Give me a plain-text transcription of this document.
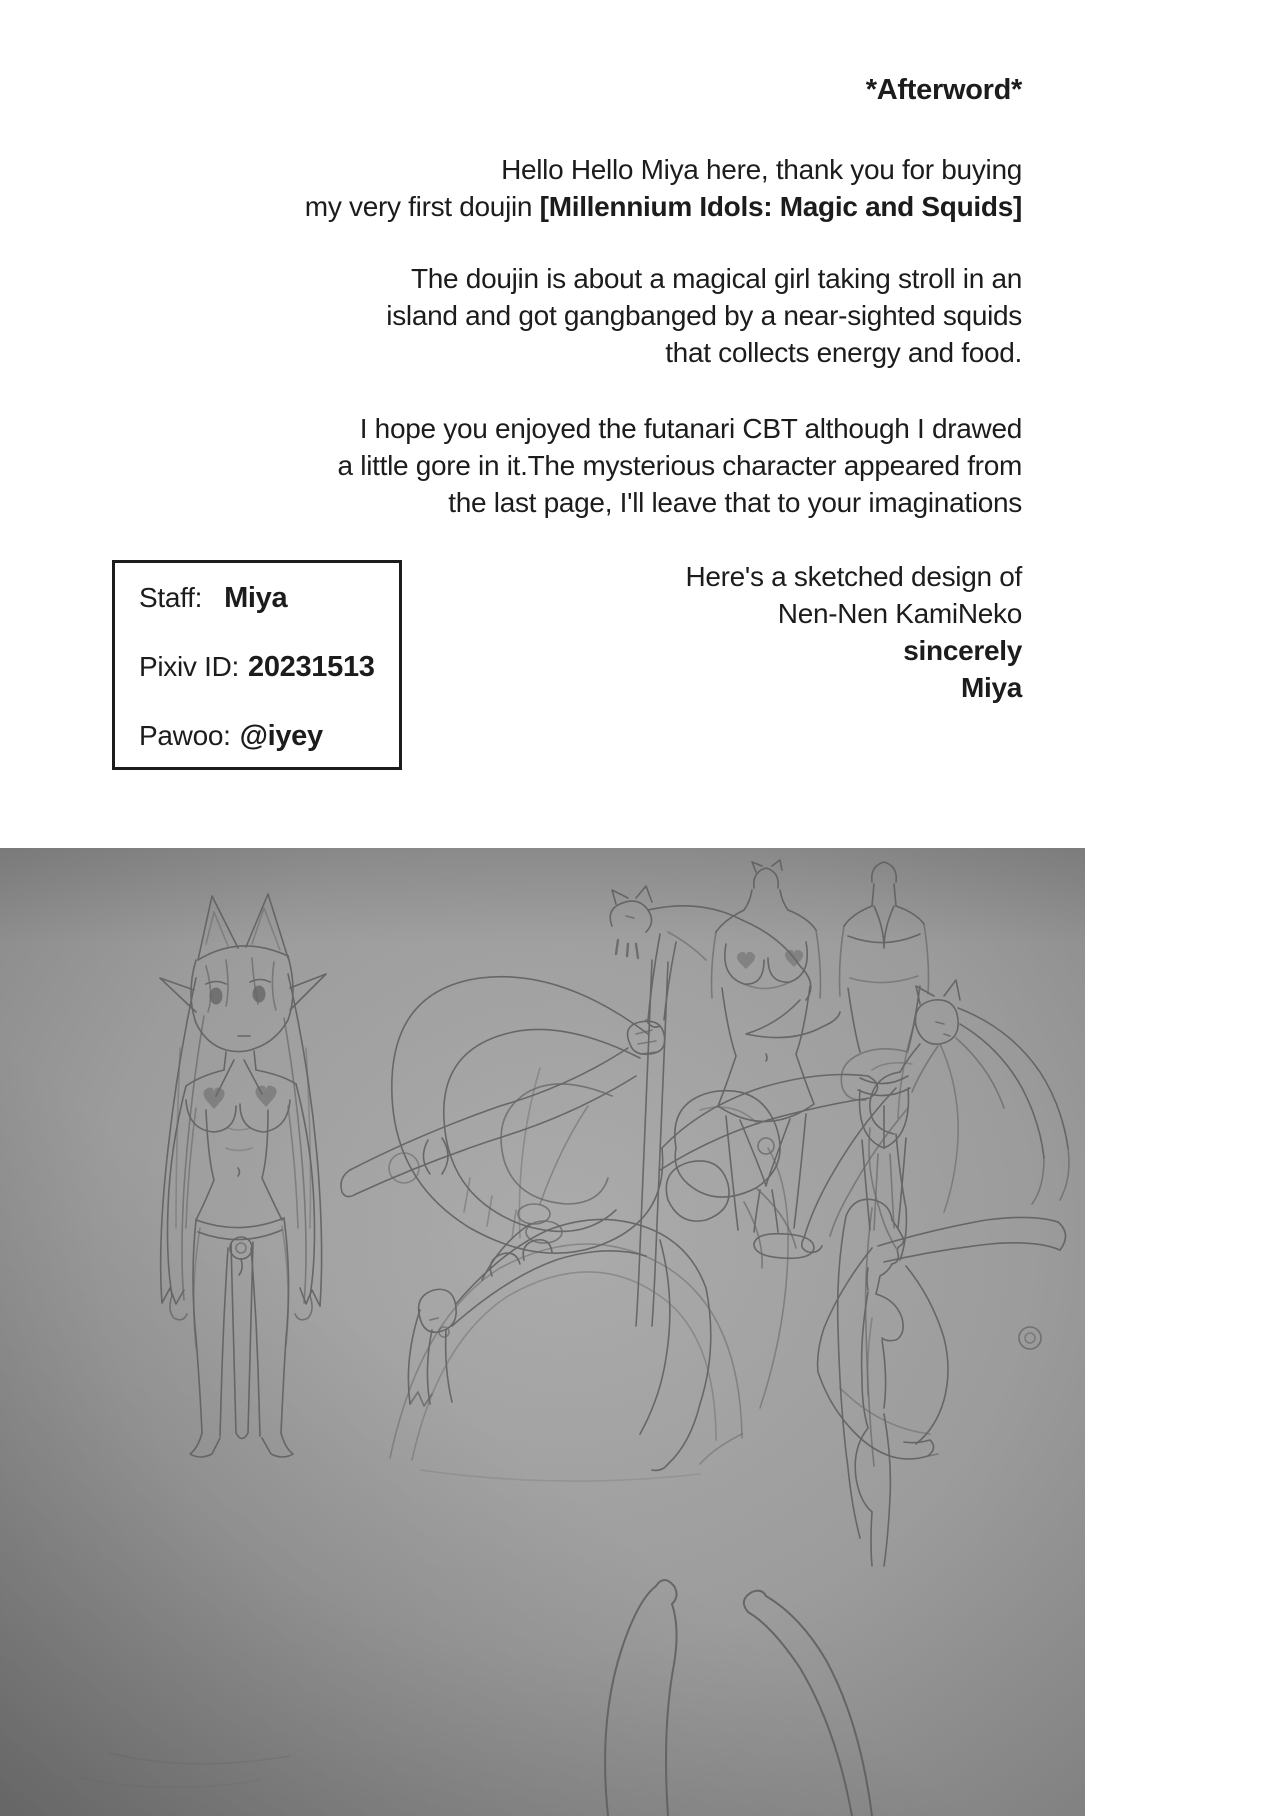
*Afterword*
Hello Hello Miya here, thank you for buying
my very first doujin [Millennium Idols: Magic and Squids]
The doujin is about a magical girl taking stroll in an
island and got gangbanged by a near-sighted squids
that collects energy and food.
I hope you enjoyed the futanari CBT although I drawed
a little gore in it.The mysterious character appeared from
the last page, I'll leave that to your imaginations
Here's a sketched design of
Nen-Nen KamiNeko
sincerely
Miya
Staff: Miya
Pixiv ID: 20231513
Pawoo: @iyey
